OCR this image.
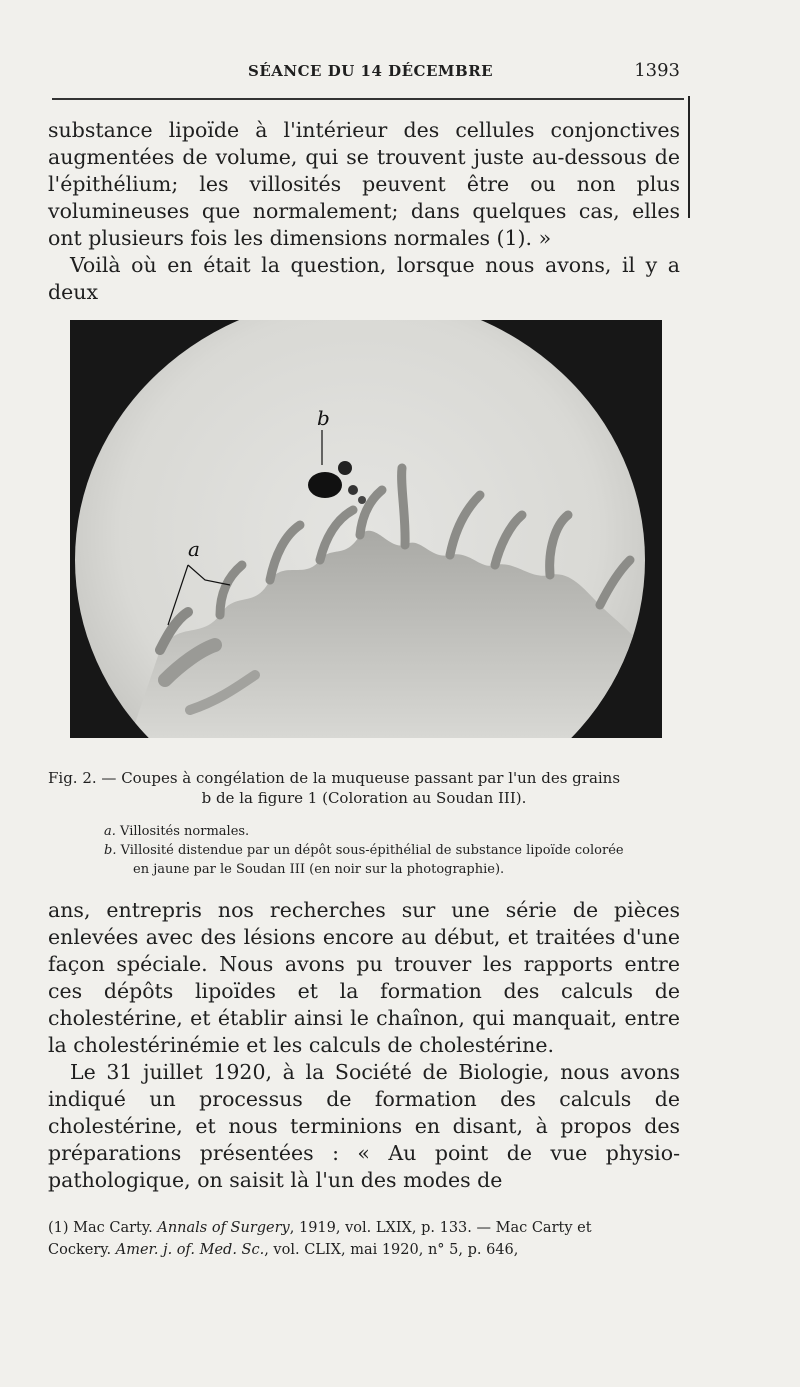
SÉANCE DU 14 DÉCEMBRE	1393

substance lipoïde à l'intérieur des cellules conjonctives augmentées de volume, qui se trouvent juste au-dessous de l'épithélium; les villosités peuvent être ou non plus volumineuses que normalement; dans quelques cas, elles ont plusieurs fois les dimensions normales (1). »

Voilà où en était la question, lorsque nous avons, il y a deux

b
a
Fig. 2. — Coupes à congélation de la muqueuse passant par l'un des grains
b de la figure 1 (Coloration au Soudan III).
a. Villosités normales.
b. Villosité distendue par un dépôt sous-épithélial de substance lipoïde colorée
en jaune par le Soudan III (en noir sur la photographie).

ans, entrepris nos recherches sur une série de pièces enlevées avec des lésions encore au début, et traitées d'une façon spéciale. Nous avons pu trouver les rapports entre ces dépôts lipoïdes et la formation des calculs de cholestérine, et établir ainsi le chaînon, qui manquait, entre la cholestérinémie et les calculs de cholestérine.

Le 31 juillet 1920, à la Société de Biologie, nous avons indiqué un processus de formation des calculs de cholestérine, et nous terminions en disant, à propos des préparations présentées : « Au point de vue physio-pathologique, on saisit là l'un des modes de

(1) Mac Carty. Annals of Surgery, 1919, vol. LXIX, p. 133. — Mac Carty et
Cockery. Amer. j. of. Med. Sc., vol. CLIX, mai 1920, n° 5, p. 646,
